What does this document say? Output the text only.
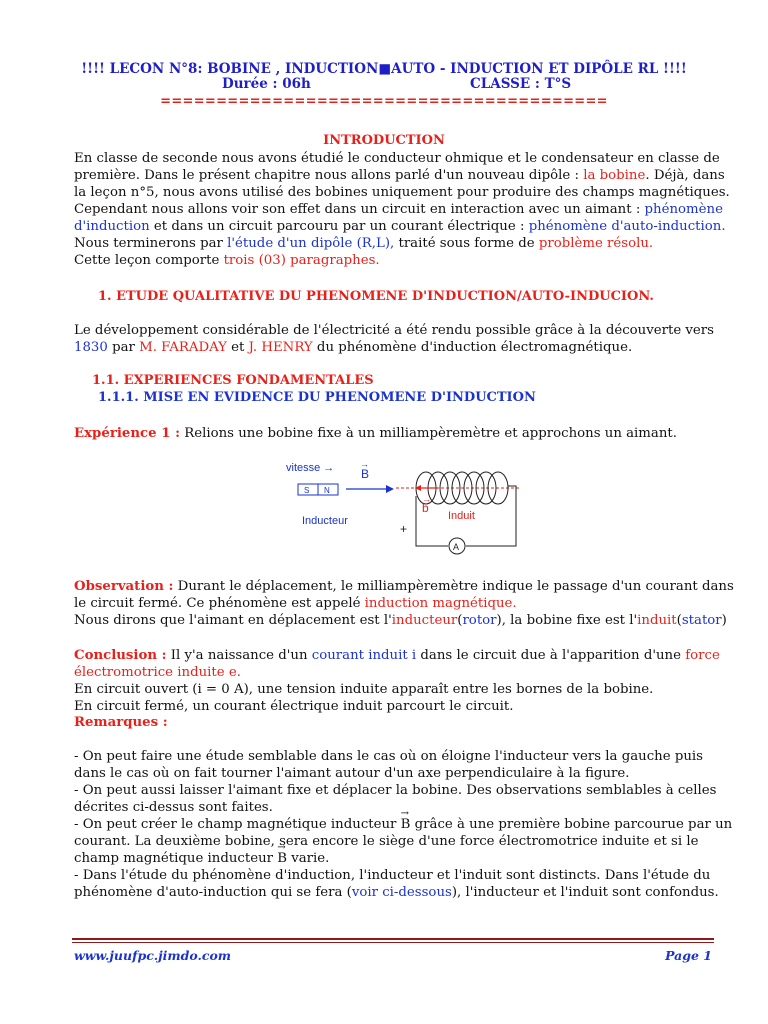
!!!! LECON N°8: BOBINE , INDUCTION■AUTO - INDUCTION ET DIPÔLE RL !!!!
Durée : 06h	CLASSE : T°S
========================================
INTRODUCTION
En classe de seconde nous avons étudié le conducteur ohmique et le condensateur en classe de
première. Dans le présent chapitre nous allons parlé d'un nouveau dipôle : la bobine. Déjà, dans
la leçon n°5, nous avons utilisé des bobines uniquement pour produire des champs magnétiques.
Cependant nous allons voir son effet dans un circuit en interaction avec un aimant : phénomène
d'induction et dans un circuit parcouru par un courant électrique : phénomène d'auto-induction.
Nous terminerons par l'étude d'un dipôle (R,L), traité sous forme de problème résolu.
Cette leçon comporte trois (03) paragraphes.
1. ETUDE QUALITATIVE DU PHENOMENE D'INDUCTION/AUTO-INDUCION.
Le développement considérable de l'électricité a été rendu possible grâce à la découverte vers
1830 par M. FARADAY et J. HENRY du phénomène d'induction électromagnétique.
1.1. EXPERIENCES FONDAMENTALES
1.1.1. MISE EN EVIDENCE DU PHENOMENE D'INDUCTION
Expérience 1 : Relions une bobine fixe à un milliampèremètre et approchons un aimant.
vitesse → B
→
S N
Inducteur
b
→
Induit
A
+
Observation : Durant le déplacement, le milliampèremètre indique le passage d'un courant dans
le circuit fermé. Ce phénomène est appelé induction magnétique.
Nous dirons que l'aimant en déplacement est l'inducteur(rotor), la bobine fixe est l'induit(stator)
Conclusion : Il y'a naissance d'un courant induit i dans le circuit due à l'apparition d'une force
électromotrice induite e.
En circuit ouvert (i = 0 A), une tension induite apparaît entre les bornes de la bobine.
En circuit fermé, un courant électrique induit parcourt le circuit.
Remarques :
- On peut faire une étude semblable dans le cas où on éloigne l'inducteur vers la gauche puis
dans le cas où on fait tourner l'aimant autour d'un axe perpendiculaire à la figure.
- On peut aussi laisser l'aimant fixe et déplacer la bobine. Des observations semblables à celles
décrites ci-dessus sont faites.
- On peut créer le champ magnétique inducteur → B grâce à une première bobine parcourue par un
courant. La deuxième bobine, sera encore le siège d'une force électromotrice induite et si le
champ magnétique inducteur → B varie.
- Dans l'étude du phénomène d'induction, l'inducteur et l'induit sont distincts. Dans l'étude du
phénomène d'auto-induction qui se fera (voir ci-dessous), l'inducteur et l'induit sont confondus.
www.juufpc.jimdo.com	Page 1
